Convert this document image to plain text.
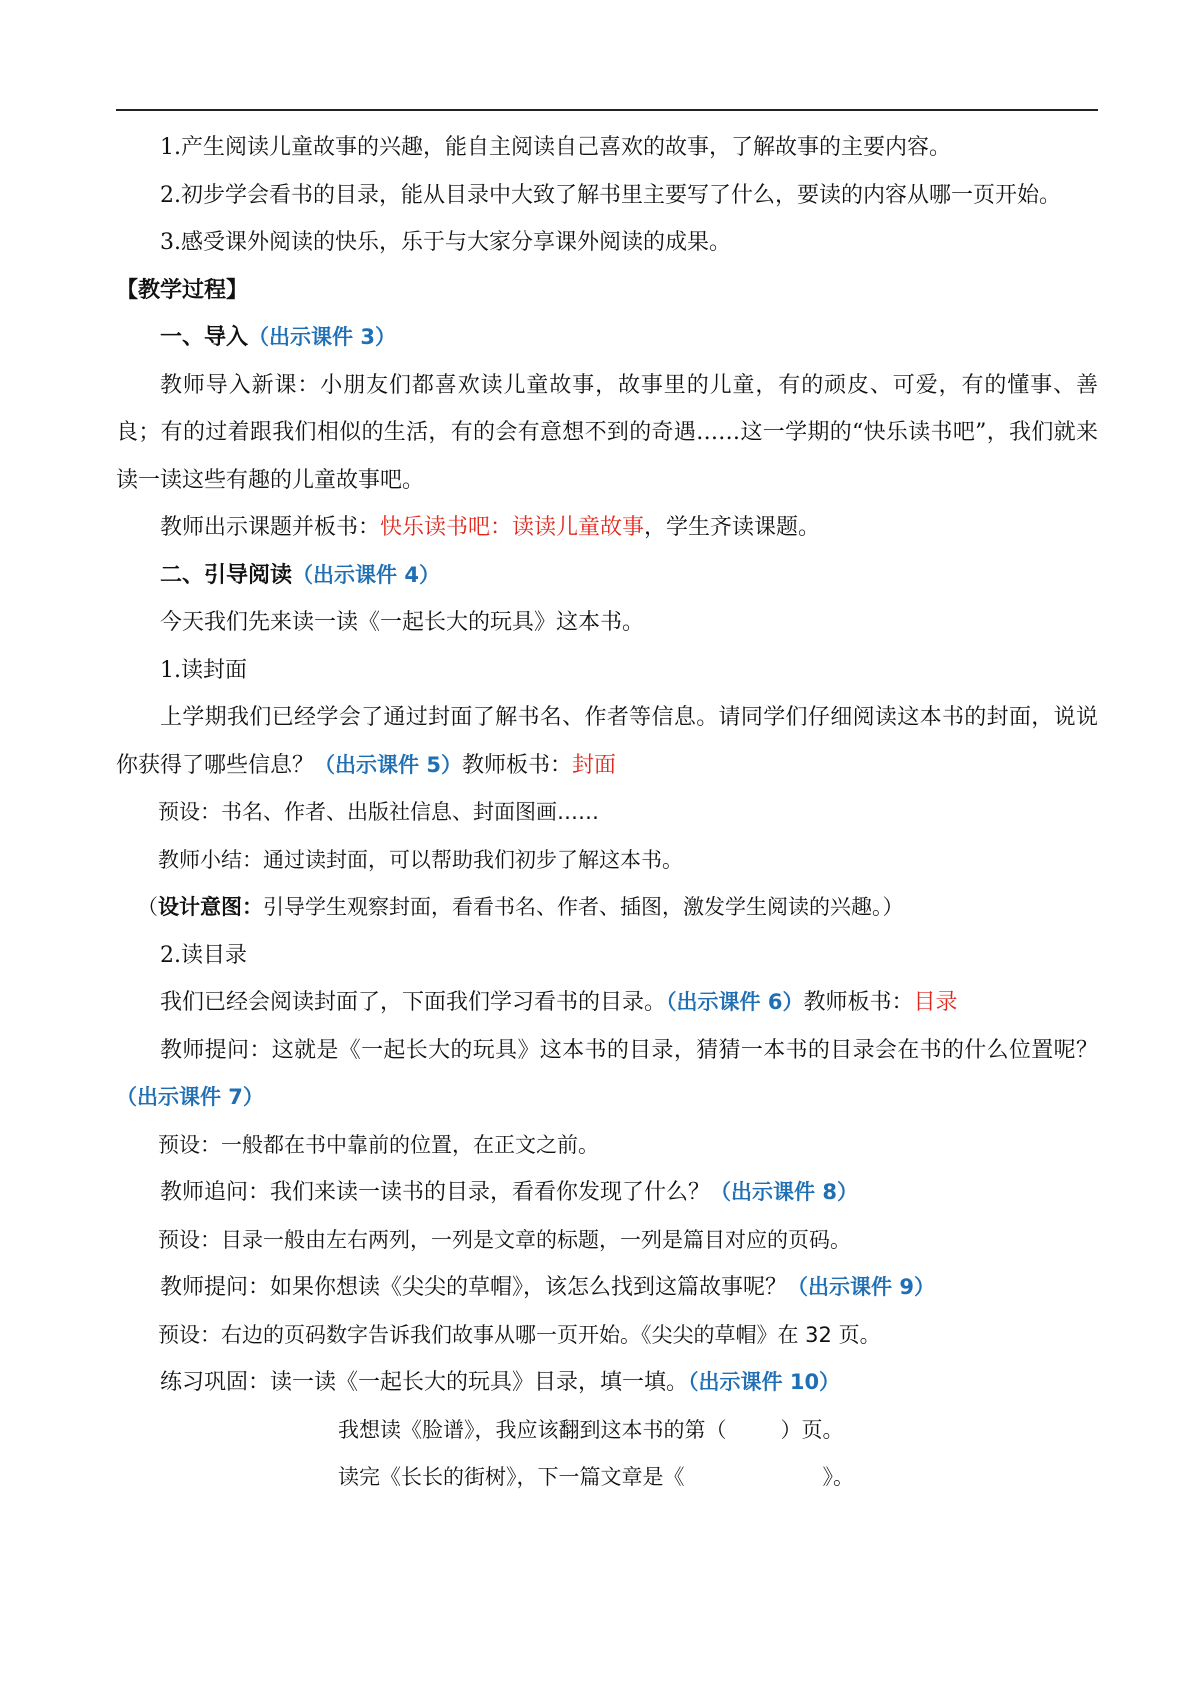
1.产生阅读儿童故事的兴趣，能自主阅读自己喜欢的故事，了解故事的主要内容。

2.初步学会看书的目录，能从目录中大致了解书里主要写了什么，要读的内容从哪一页开始。

3.感受课外阅读的快乐，乐于与大家分享课外阅读的成果。

【教学过程】

一、导入（出示课件 3）

教师导入新课：小朋友们都喜欢读儿童故事，故事里的儿童，有的顽皮、可爱，有的懂事、善良；有的过着跟我们相似的生活，有的会有意想不到的奇遇……这一学期的“快乐读书吧”，我们就来读一读这些有趣的儿童故事吧。

教师出示课题并板书：快乐读书吧：读读儿童故事，学生齐读课题。

二、引导阅读（出示课件 4）

今天我们先来读一读《一起长大的玩具》这本书。

1.读封面

上学期我们已经学会了通过封面了解书名、作者等信息。请同学们仔细阅读这本书的封面，说说你获得了哪些信息？（出示课件 5）教师板书：封面

预设：书名、作者、出版社信息、封面图画……

教师小结：通过读封面，可以帮助我们初步了解这本书。

（设计意图：引导学生观察封面，看看书名、作者、插图，激发学生阅读的兴趣。）

2.读目录

我们已经会阅读封面了，下面我们学习看书的目录。（出示课件 6）教师板书：目录

教师提问：这就是《一起长大的玩具》这本书的目录，猜猜一本书的目录会在书的什么位置呢？（出示课件 7）

预设：一般都在书中靠前的位置，在正文之前。

教师追问：我们来读一读书的目录，看看你发现了什么？（出示课件 8）

预设：目录一般由左右两列，一列是文章的标题，一列是篇目对应的页码。

教师提问：如果你想读《尖尖的草帽》，该怎么找到这篇故事呢？（出示课件 9）

预设：右边的页码数字告诉我们故事从哪一页开始。《尖尖的草帽》在 32 页。

练习巩固：读一读《一起长大的玩具》目录，填一填。（出示课件 10）

我想读《脸谱》，我应该翻到这本书的第（	）页。

读完《长长的街树》，下一篇文章是《	》。
